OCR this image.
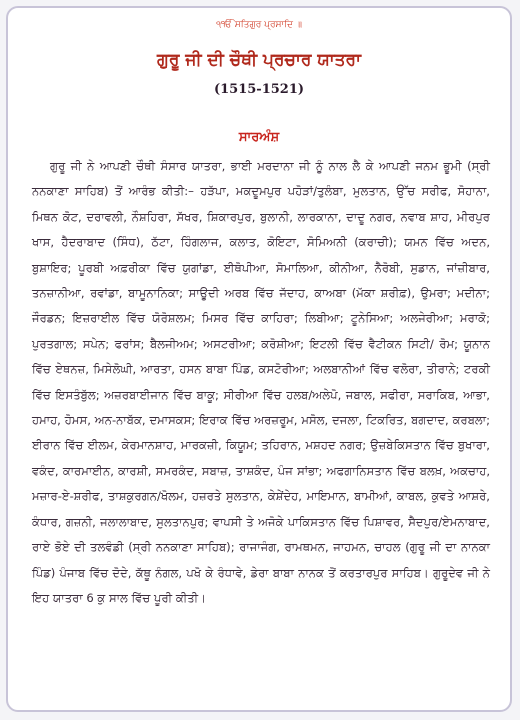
੧ੴ ਸਤਿਗੁਰ ਪ੍ਰਸਾਦਿ ॥
ਗੁਰੂ ਜੀ ਦੀ ਚੌਥੀ ਪ੍ਰਚਾਰ ਯਾਤਰਾ
(1515-1521)
ਸਾਰਅੰਸ਼
ਗੁਰੂ ਜੀ ਨੇ ਆਪਣੀ ਚੌਥੀ ਸੰਸਾਰ ਯਾਤਰਾ, ਭਾਈ ਮਰਦਾਨਾ ਜੀ ਨੂੰ ਨਾਲ ਲੈ ਕੇ ਆਪਣੀ ਜਨਮ ਭੂਮੀ (ਸ੍ਰੀ ਨਨਕਾਣਾ ਸਾਹਿਬ) ਤੋਂ ਆਰੰਭ ਕੀਤੀ:– ਹੜੱਪਾ, ਮਕਦੂਮਪੁਰ ਪਹੋੜਾਂ/ਤੁਲੰਬਾ, ਮੁਲਤਾਨ, ਉੱਚ ਸਰੀਫ, ਸੋਹਾਨਾ, ਮਿਥਨ ਕੋਟ, ਦਰਾਵਲੀ, ਨੌਸ਼ਹਿਰਾ, ਸੱਖਰ, ਸ਼ਿਕਾਰਪੁਰ, ਬੁਲਾਨੀ, ਲਾਰਕਾਨਾ, ਦਾਦੂ ਨਗਰ, ਨਵਾਬ ਸ਼ਾਹ, ਮੀਰਪੁਰ ਖਾਸ, ਹੈਦਰਾਬਾਦ (ਸਿੰਧ), ਠੱਟਾ, ਹਿੰਗਲਾਜ, ਕਲਾਤ, ਕੋਇਟਾ, ਸੋਮਿਅਨੀ (ਕਰਾਚੀ); ਯਮਨ ਵਿੱਚ ਅਦਨ, ਬੁਸ਼ਾਇਰ; ਪੂਰਬੀ ਅਫ਼ਰੀਕਾ ਵਿੱਚ ਯੁਗਾਂਡਾ, ਈਥੋਪੀਆ, ਸੋਮਾਲਿਆ, ਕੀਨੀਆ, ਨੈਰੋਬੀ, ਸੁਡਾਨ, ਜਾਂਜ਼ੀਬਾਰ, ਤਨਜ਼ਾਨੀਆ, ਰਵਾਂਡਾ, ਬਾਮੂਨਾਨਿਕਾ; ਸਾਊਦੀ ਅਰਬ ਵਿੱਚ ਜੱਦਾਹ, ਕਾਅਬਾ (ਮੱਕਾ ਸ਼ਰੀਫ਼), ਉਮਰਾ; ਮਦੀਨਾ; ਜੌਰਡਨ; ਇਜ਼ਰਾਈਲ ਵਿੱਚ ਯੋਰੋਸ਼ਲਮ; ਮਿਸਰ ਵਿੱਚ ਕਾਹਿਰਾ; ਲਿਬੀਆ; ਟੂਨੇਸਿਆ; ਅਲਜੇਰੀਆ; ਮਰਾਕੋ; ਪੁਰਤਗਾਲ; ਸਪੇਨ; ਫਰਾਂਸ; ਬੈਲਜੀਅਮ; ਅਸਟਰੀਆ; ਕਰੋਸ਼ੀਆ; ਇਟਲੀ ਵਿੱਚ ਵੈਟੀਕਨ ਸਿਟੀ/ ਰੋਮ; ਯੂਨਾਨ ਵਿੱਚ ਏਥਨਜ਼, ਮਿਸੇਲੋਘੀ, ਆਰਤਾ, ਹਸਨ ਬਾਬਾ ਪਿੰਡ, ਕਸਟੋਰੀਆ; ਅਲਬਾਨੀਆਂ ਵਿੱਚ ਵਲੋਰਾ, ਤੀਰਾਨੇ; ਟਰਕੀ ਵਿੱਚ ਇਸਤੰਬੁੱਲ; ਅਜ਼ਰਬਾਈਜਾਨ ਵਿੱਚ ਬਾਕੂ; ਸੀਰੀਆ ਵਿੱਚ ਹਲਬ/ਅਲੇਪੋ, ਜਬਾਲ, ਸਫੀਰਾ, ਸਰਾਕਿਬ, ਆਭਾ, ਹਮਾਹ, ਹੋਮਸ, ਅਨ-ਨਾਬੱਕ, ਦਮਾਸਕਸ; ਇਰਾਕ ਵਿੱਚ ਅਰਜ਼ਰੂਮ, ਮਸੋਲ, ਦਜਲਾ, ਟਿਕਰਿਤ, ਬਗਦਾਦ, ਕਰਬਲਾ; ਈਰਾਨ ਵਿੱਚ ਈਲਮ, ਕੇਰਮਾਨਸ਼ਾਹ, ਮਾਰਕਜ਼ੀ, ਕਿਯੂਮ; ਤਹਿਰਾਨ, ਮਸ਼ਹਦ ਨਗਰ; ਉਜ਼ਬੇਕਿਸਤਾਨ ਵਿੱਚ ਬੁਖਾਰਾ, ਵਕੰਦ, ਕਾਰਮਾਈਨ, ਕਾਰਸ਼ੀ, ਸਮਰਕੰਦ, ਸਬਾਜ਼, ਤਾਸ਼ਕੰਦ, ਪੰਜ ਸਾਂਭਾ; ਅਫਗਾਨਿਸਤਾਨ ਵਿੱਚ ਬਲਖ਼, ਅਕਚਾਹ, ਮਜ਼ਾਰ-ਏ-ਸ਼ਰੀਫ, ਤਾਸ਼ਕੁਰਗਨ/ਖੋਲਮ, ਹਜ਼ਰਤੇ ਸੁਲਤਾਨ, ਕੇਸ਼ੇਂਦੇਹ, ਮਾਇਮਾਨ, ਬਾਮੀਆਂ, ਕਾਬਲ, ਕੁਵਤੇ ਆਸ਼ਰੇ, ਕੰਧਾਰ, ਗਜ਼ਨੀ, ਜਲਾਲਾਬਾਦ, ਸੁਲਤਾਨਪੁਰ; ਵਾਪਸੀ ਤੇ ਅਜੋਕੇ ਪਾਕਿਸਤਾਨ ਵਿੱਚ ਪਿਸ਼ਾਵਰ, ਸੈਦਪੁਰ/ਏਮਨਾਬਾਦ, ਰਾਏ ਭੋਏ ਦੀ ਤਲਵੰਡੀ (ਸ੍ਰੀ ਨਨਕਾਣਾ ਸਾਹਿਬ); ਰਾਜਾਜੰਗ, ਰਾਮਥਮਨ, ਜਾਹਮਨ, ਚਾਹਲ (ਗੁਰੂ ਜੀ ਦਾ ਨਾਨਕਾ ਪਿੰਡ) ਪੰਜਾਬ ਵਿੱਚ ਦੋਦੇ, ਕੱਥੂ ਨੰਗਲ, ਪਖੋ ਕੇ ਰੰਧਾਵੇ, ਡੇਰਾ ਬਾਬਾ ਨਾਨਕ ਤੋਂ ਕਰਤਾਰਪੁਰ ਸਾਹਿਬ। ਗੁਰੂਦੇਵ ਜੀ ਨੇ ਇਹ ਯਾਤਰਾ 6 ਕੁ ਸਾਲ ਵਿੱਚ ਪੂਰੀ ਕੀਤੀ।
